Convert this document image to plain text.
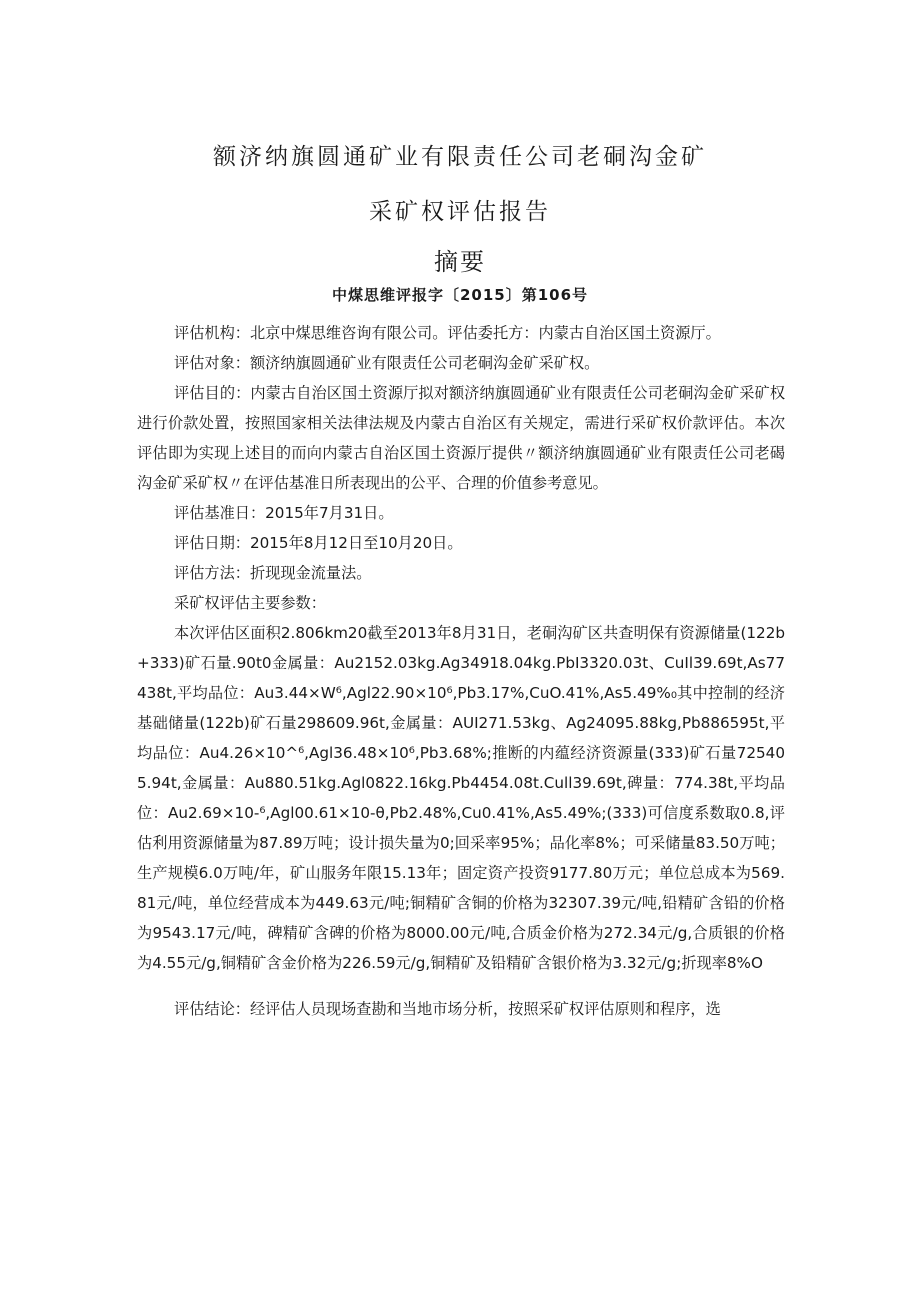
额济纳旗圆通矿业有限责任公司老硐沟金矿
采矿权评估报告
摘要
中煤思维评报字〔2015〕第106号

评估机构：北京中煤思维咨询有限公司。评估委托方：内蒙古自治区国土资源厅。

评估对象：额济纳旗圆通矿业有限责任公司老硐沟金矿采矿权。

评估目的：内蒙古自治区国土资源厅拟对额济纳旗圆通矿业有限责任公司老硐沟金矿采矿权进行价款处置，按照国家相关法律法规及内蒙古自治区有关规定，需进行采矿权价款评估。本次评估即为实现上述目的而向内蒙古自治区国土资源厅提供〃额济纳旗圆通矿业有限责任公司老碣沟金矿采矿权〃在评估基准日所表现出的公平、合理的价值参考意见。

评估基准日：2015年7月31日。

评估日期：2015年8月12日至10月20日。

评估方法：折现现金流量法。

采矿权评估主要参数：

本次评估区面积2.806km20截至2013年8月31日，老硐沟矿区共查明保有资源储量(122b+333)矿石量.90t0金属量：Au2152.03kg.Ag34918.04kg.PbI3320.03t、CuIl39.69t,As77438t,平均品位：Au3.44×W⁶,Agl22.90×10⁶,Pb3.17%,CuO.41%,As5.49%₀其中控制的经济基础储量(122b)矿石量298609.96t,金属量：AUI271.53kg、Ag24095.88kg,Pb886595t,平均品位：Au4.26×10^⁶,Agl36.48×10⁶,Pb3.68%;推断的内蕴经济资源量(333)矿石量725405.94t,金属量：Au880.51kg.Agl0822.16kg.Pb4454.08t.Cull39.69t,碑量：774.38t,平均品位：Au2.69×10-⁶,Agl00.61×10-θ,Pb2.48%,Cu0.41%,As5.49%;(333)可信度系数取0.8,评估利用资源储量为87.89万吨；设计损失量为0;回采率95%；品化率8%；可采储量83.50万吨；生产规模6.0万吨/年，矿山服务年限15.13年；固定资产投资9177.80万元；单位总成本为569.81元/吨，单位经营成本为449.63元/吨;铜精矿含铜的价格为32307.39元/吨,铅精矿含铅的价格为9543.17元/吨，碑精矿含碑的价格为8000.00元/吨,合质金价格为272.34元/g,合质银的价格为4.55元/g,铜精矿含金价格为226.59元/g,铜精矿及铅精矿含银价格为3.32元/g;折现率8%O

评估结论：经评估人员现场查勘和当地市场分析，按照采矿权评估原则和程序，选
